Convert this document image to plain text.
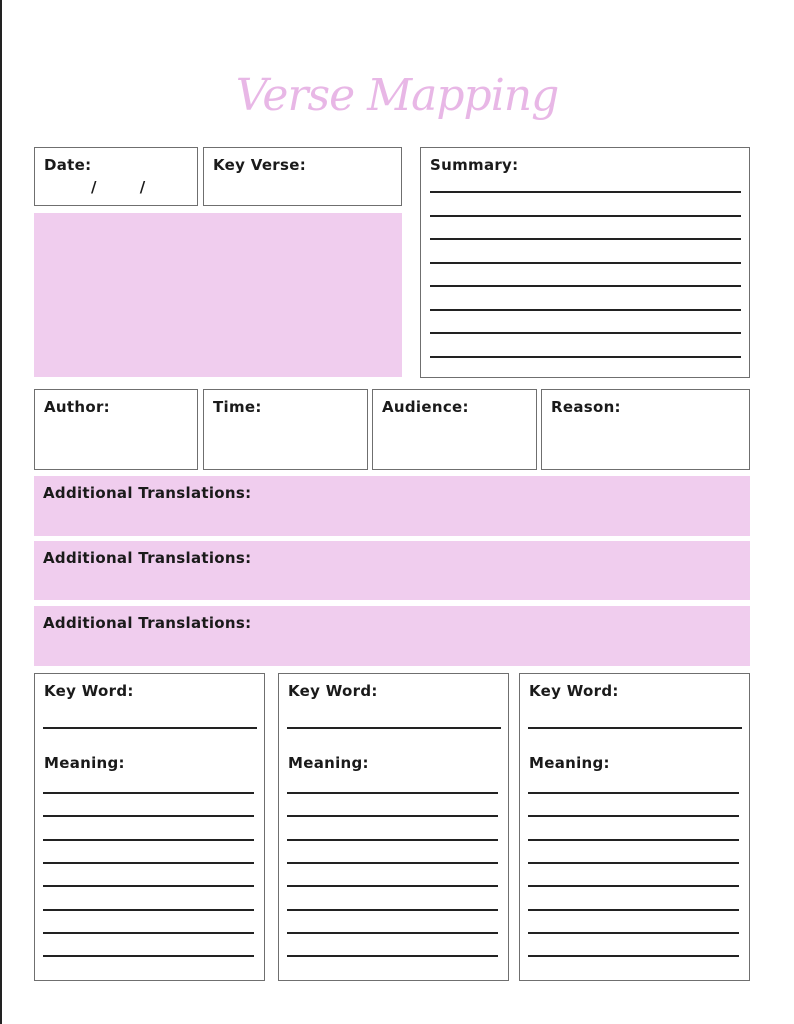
Verse Mapping
Date:
/	/
Key Verse:	Summary:
Author:	Time:	Audience:	Reason:
Additional Translations:
Additional Translations:
Additional Translations:
Key Word:
Meaning:
Key Word:
Meaning:
Key Word:
Meaning:
